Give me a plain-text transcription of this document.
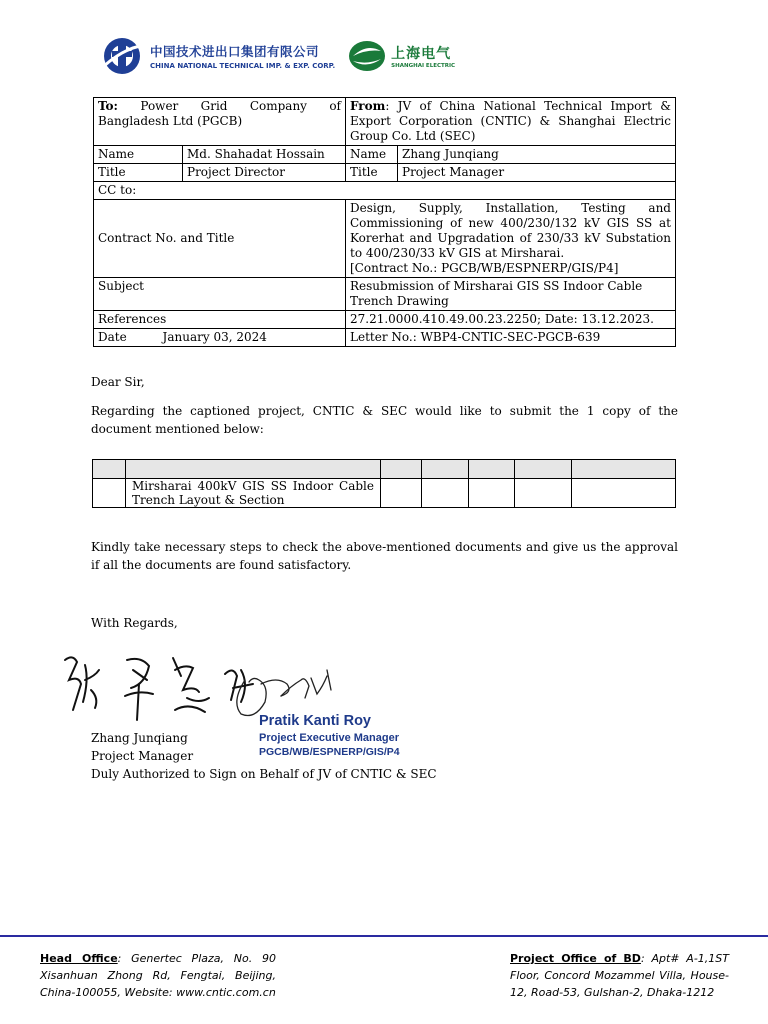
中国技术进出口集团有限公司
CHINA NATIONAL TECHNICAL IMP. & EXP. CORP.
上海电气
SHANGHAI ELECTRIC
To: Power Grid Company of Bangladesh Ltd (PGCB)		From: JV of China National Technical Import & Export Corporation (CNTIC) & Shanghai Electric Group Co. Ltd (SEC)	
Name	Md. Shahadat Hossain	Name	Zhang Junqiang
Title	Project Director	Title	Project Manager
CC to:			
Contract No. and Title		Design, Supply, Installation, Testing and Commissioning of new 400/230/132 kV GIS SS at Korerhat and Upgradation of 230/33 kV Substation to 400/230/33 kV GIS at Mirsharai.
[Contract No.: PGCB/WB/ESPNERP/GIS/P4]	

Subject		Resubmission of Mirsharai GIS SS Indoor Cable Trench Drawing	
References		27.21.0000.410.49.00.23.2250; Date: 13.12.2023.	
Date January 03, 2024		Letter No.: WBP4-CNTIC-SEC-PGCB-639	
Dear Sir,
Regarding the captioned project, CNTIC & SEC would like to submit the 1 copy of the document mentioned below:

	Mirsharai 400kV GIS SS Indoor Cable Trench Layout & Section					
Kindly take necessary steps to check the above-mentioned documents and give us the approval if all the documents are found satisfactory.
With Regards,
Pratik Kanti Roy
Project Executive Manager
PGCB/WB/ESPNERP/GIS/P4
Zhang Junqiang
Project Manager
Duly Authorized to Sign on Behalf of JV of CNTIC & SEC
Head Office: Genertec Plaza, No. 90 Xisanhuan Zhong Rd, Fengtai, Beijing, China-100055, Website: www.cntic.com.cn
Project Office of BD: Apt# A-1,1ST Floor, Concord Mozammel Villa, House-12, Road-53, Gulshan-2, Dhaka-1212
